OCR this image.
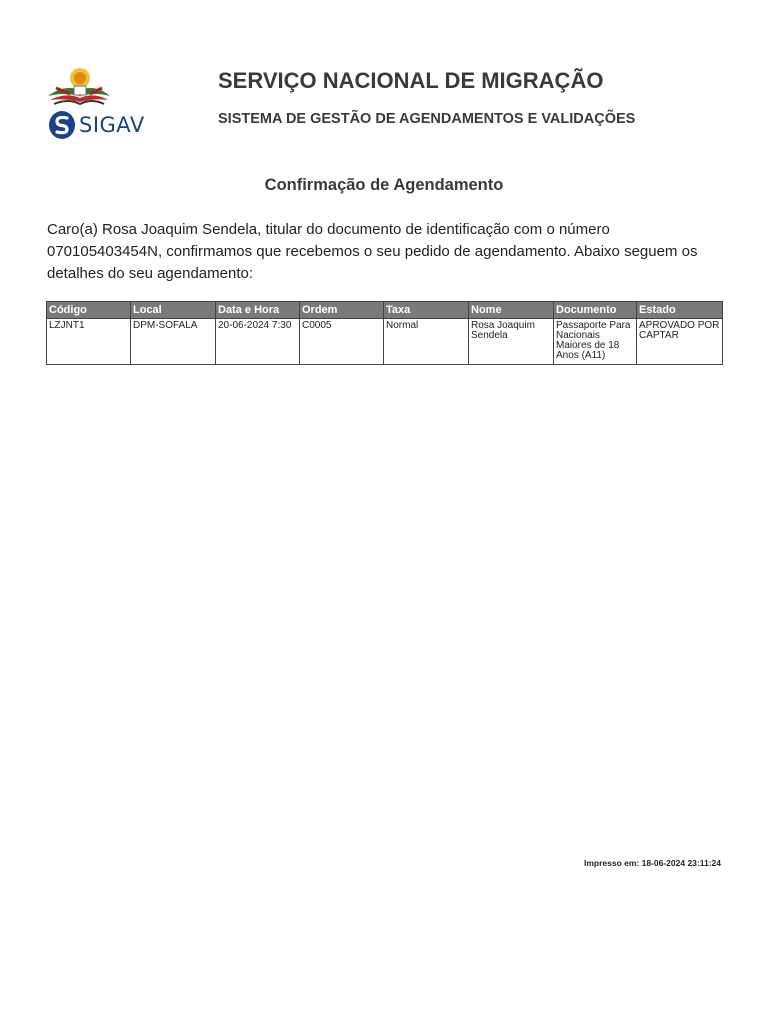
SIGAV
SERVIÇO NACIONAL DE MIGRAÇÃO
SISTEMA DE GESTÃO DE AGENDAMENTOS E VALIDAÇÕES
Confirmação de Agendamento

Caro(a) Rosa Joaquim Sendela, titular do documento de identificação com o número 070105403454N, confirmamos que recebemos o seu pedido de agendamento. Abaixo seguem os detalhes do seu agendamento:

Código	Local	Data e Hora	Ordem	Taxa	Nome	Documento	Estado
LZJNT1	DPM-SOFALA	20-06-2024 7:30	C0005	Normal	Rosa Joaquim Sendela	Passaporte Para Nacionais Maiores de 18 Anos (A11)	APROVADO POR CAPTAR

Impresso em: 18-06-2024 23:11:24
